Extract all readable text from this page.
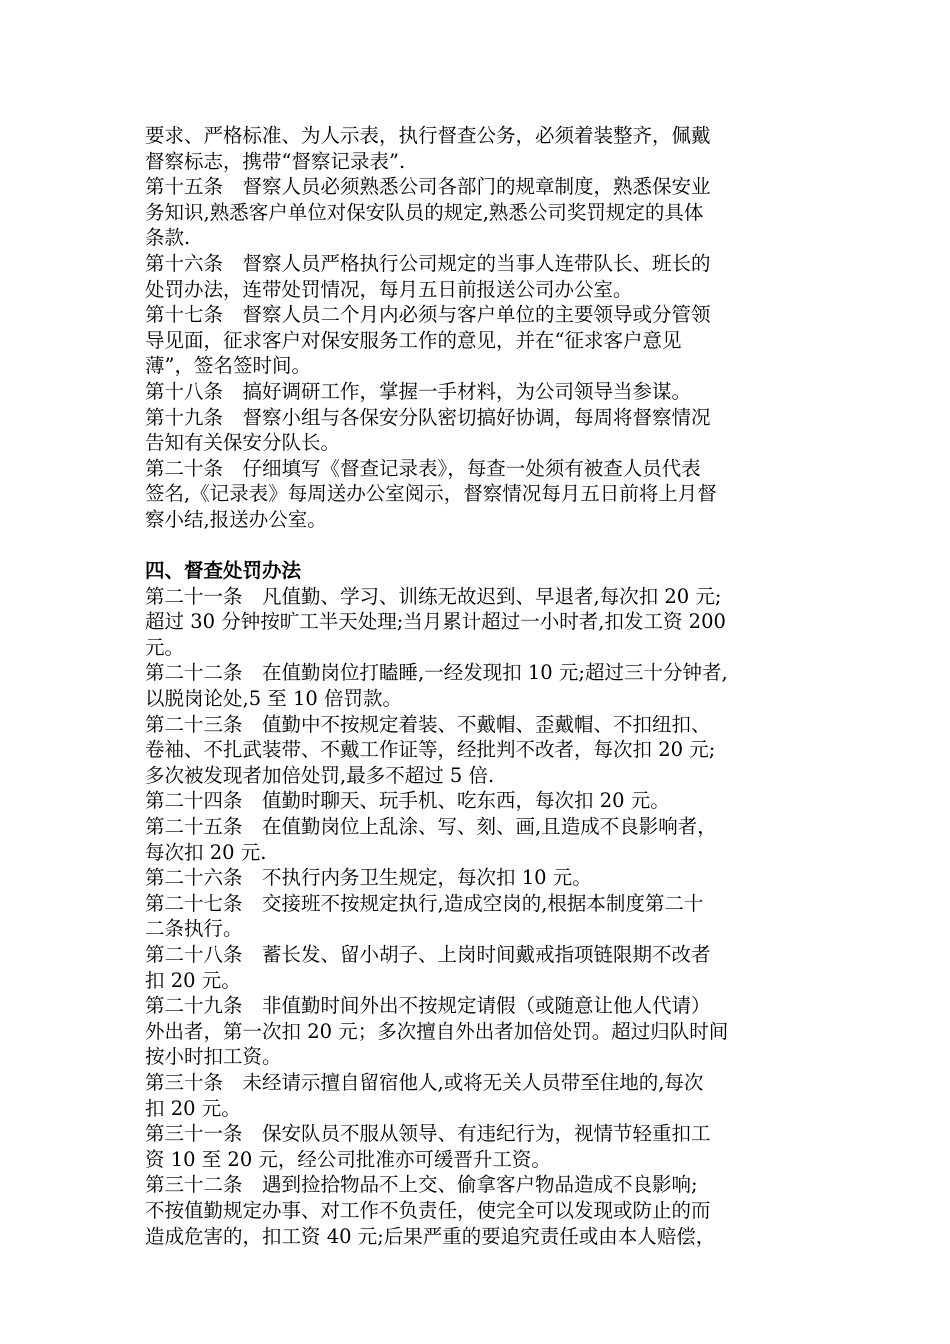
要求、严格标准、为人示表，执行督查公务，必须着装整齐，佩戴
督察标志，携带“督察记录表”.
第十五条　督察人员必须熟悉公司各部门的规章制度，熟悉保安业
务知识,熟悉客户单位对保安队员的规定,熟悉公司奖罚规定的具体
条款.
第十六条　督察人员严格执行公司规定的当事人连带队长、班长的
处罚办法，连带处罚情况，每月五日前报送公司办公室。
第十七条　督察人员二个月内必须与客户单位的主要领导或分管领
导见面，征求客户对保安服务工作的意见，并在“征求客户意见
薄”，签名签时间。
第十八条　搞好调研工作，掌握一手材料，为公司领导当参谋。
第十九条　督察小组与各保安分队密切搞好协调，每周将督察情况
告知有关保安分队长。
第二十条　仔细填写《督查记录表》，每查一处须有被查人员代表
签名,《记录表》每周送办公室阅示，督察情况每月五日前将上月督
察小结,报送办公室。
四、督查处罚办法
第二十一条　凡值勤、学习、训练无故迟到、早退者,每次扣 20 元;
超过 30 分钟按旷工半天处理;当月累计超过一小时者,扣发工资 200
元。
第二十二条　在值勤岗位打瞌睡,一经发现扣 10 元;超过三十分钟者,
以脱岗论处,5 至 10 倍罚款。
第二十三条　值勤中不按规定着装、不戴帽、歪戴帽、不扣纽扣、
卷袖、不扎武装带、不戴工作证等，经批判不改者，每次扣 20 元;
多次被发现者加倍处罚,最多不超过 5 倍.
第二十四条　值勤时聊天、玩手机、吃东西，每次扣 20 元。
第二十五条　在值勤岗位上乱涂、写、刻、画,且造成不良影响者，
每次扣 20 元.
第二十六条　不执行内务卫生规定，每次扣 10 元。
第二十七条　交接班不按规定执行,造成空岗的,根据本制度第二十
二条执行。
第二十八条　蓄长发、留小胡子、上岗时间戴戒指项链限期不改者
扣 20 元。
第二十九条　非值勤时间外出不按规定请假（或随意让他人代请）
外出者，第一次扣 20 元；多次擅自外出者加倍处罚。超过归队时间
按小时扣工资。
第三十条　未经请示擅自留宿他人,或将无关人员带至住地的,每次
扣 20 元。
第三十一条　保安队员不服从领导、有违纪行为，视情节轻重扣工
资 10 至 20 元，经公司批准亦可缓晋升工资。
第三十二条　遇到捡拾物品不上交、偷拿客户物品造成不良影响;
不按值勤规定办事、对工作不负责任，使完全可以发现或防止的而
造成危害的，扣工资 40 元;后果严重的要追究责任或由本人赔偿，
